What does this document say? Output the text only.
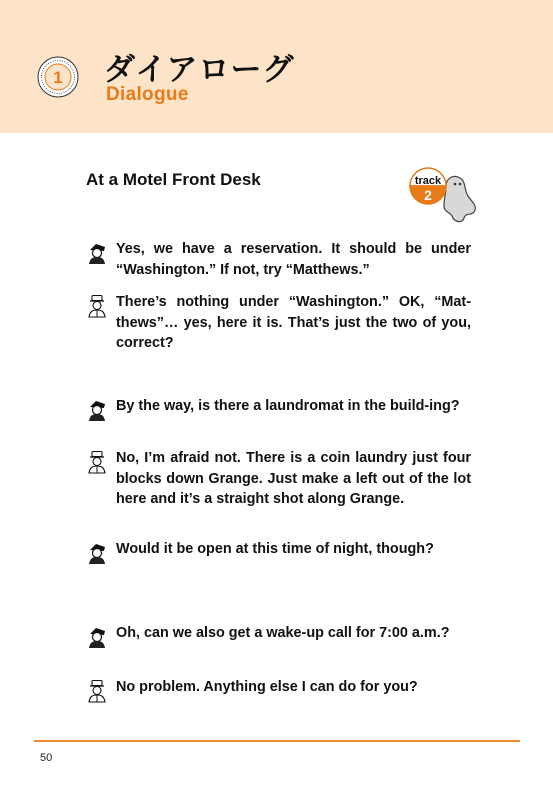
1 ダイアローグ
Dialogue
At a Motel Front Desk	track
2
Yes, we have a reservation. It should be under “Washington.” If not, try “Matthews.”
There’s nothing under “Washington.” OK, “Mat-thews”… yes, here it is. That’s just the two of you, correct?
By the way, is there a laundromat in the build-ing?
No, I’m afraid not. There is a coin laundry just four blocks down Grange. Just make a left out of the lot here and it’s a straight shot along Grange.
Would it be open at this time of night, though?
Oh, can we also get a wake-up call for 7:00 a.m.?
No problem. Anything else I can do for you?
50
